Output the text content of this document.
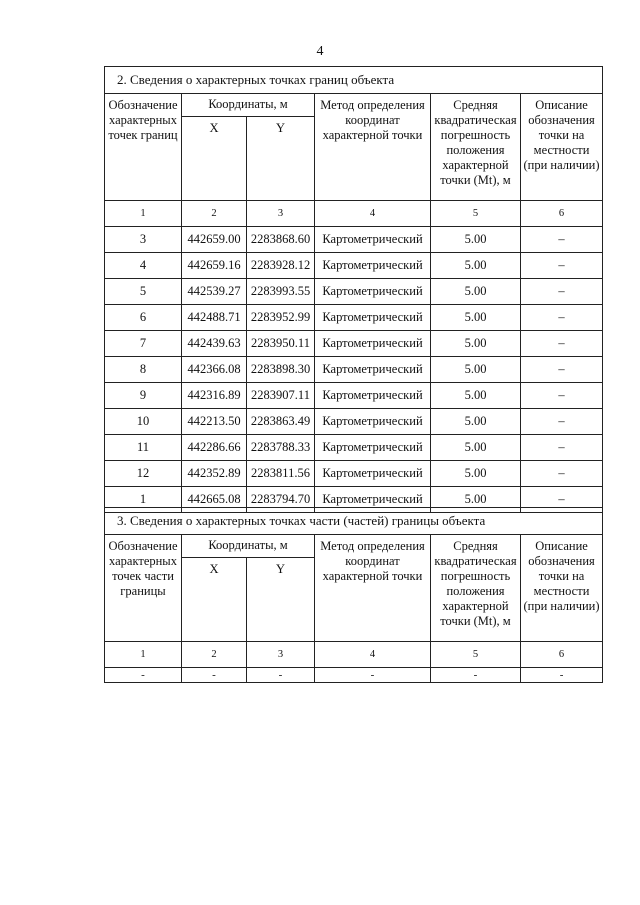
4
2. Сведения о характерных точках границ объекта					
Обозначение характерных точек границ	Координаты, м		Метод определения координат характерной точки	Средняя квадратическая погрешность положения характерной точки (Mt), м	Описание обозначения точки на местности (при наличии)
	X	Y			
1	2	3	4	5	6
3	442659.00	2283868.60	Картометрический	5.00	–
4	442659.16	2283928.12	Картометрический	5.00	–
5	442539.27	2283993.55	Картометрический	5.00	–
6	442488.71	2283952.99	Картометрический	5.00	–
7	442439.63	2283950.11	Картометрический	5.00	–
8	442366.08	2283898.30	Картометрический	5.00	–
9	442316.89	2283907.11	Картометрический	5.00	–
10	442213.50	2283863.49	Картометрический	5.00	–
11	442286.66	2283788.33	Картометрический	5.00	–
12	442352.89	2283811.56	Картометрический	5.00	–
1	442665.08	2283794.70	Картометрический	5.00	–
3. Сведения о характерных точках части (частей) границы объекта					
Обозначение характерных точек части границы	Координаты, м		Метод определения координат характерной точки	Средняя квадратическая погрешность положения характерной точки (Mt), м	Описание обозначения точки на местности (при наличии)
	X	Y			
1	2	3	4	5	6
-	-	-	-	-	-
